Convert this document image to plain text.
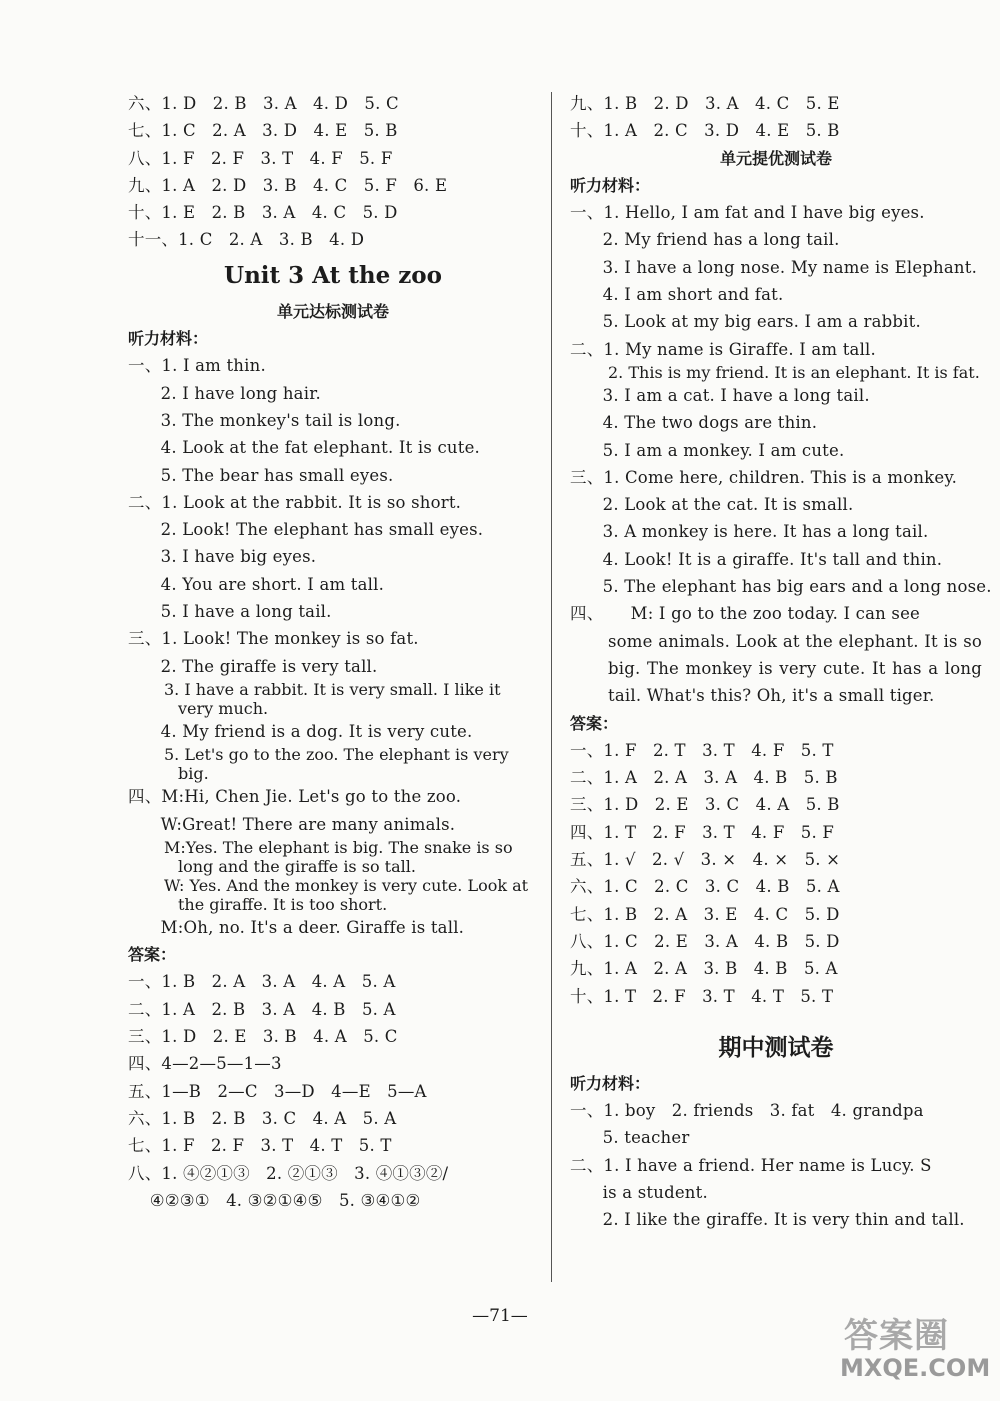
六、1. D   2. B   3. A   4. D   5. C
七、1. C   2. A   3. D   4. E   5. B
八、1. F   2. F   3. T   4. F   5. F
九、1. A   2. D   3. B   4. C   5. F   6. E
十、1. E   2. B   3. A   4. C   5. D
十一、1. C   2. A   3. B   4. D
Unit 3 At the zoo
单元达标测试卷
听力材料：
一、1. I am thin.
2. I have long hair.
3. The monkey's tail is long.
4. Look at the fat elephant. It is cute.
5. The bear has small eyes.
二、1. Look at the rabbit. It is so short.
2. Look! The elephant has small eyes.
3. I have big eyes.
4. You are short. I am tall.
5. I have a long tail.
三、1. Look! The monkey is so fat.
2. The giraffe is very tall.
3. I have a rabbit. It is very small. I like it very much.
4. My friend is a dog. It is very cute.
5. Let's go to the zoo. The elephant is very big.
四、M:Hi, Chen Jie. Let's go to the zoo.
W:Great! There are many animals.
M:Yes. The elephant is big. The snake is so long and the giraffe is so tall.
W: Yes. And the monkey is very cute. Look at the giraffe. It is too short.
M:Oh, no. It's a deer. Giraffe is tall.
答案：
一、1. B   2. A   3. A   4. A   5. A
二、1. A   2. B   3. A   4. B   5. A
三、1. D   2. E   3. B   4. A   5. C
四、4—2—5—1—3
五、1—B   2—C   3—D   4—E   5—A
六、1. B   2. B   3. C   4. A   5. A
七、1. F   2. F   3. T   4. T   5. T
八、1. ④②①③   2. ②①③   3. ④①③②/
④②③①   4. ③②①④⑤   5. ③④①②
九、1. B   2. D   3. A   4. C   5. E
十、1. A   2. C   3. D   4. E   5. B
单元提优测试卷
听力材料：
一、1. Hello, I am fat and I have big eyes.
2. My friend has a long tail.
3. I have a long nose. My name is Elephant.
4. I am short and fat.
5. Look at my big ears. I am a rabbit.
二、1. My name is Giraffe. I am tall.
2. This is my friend. It is an elephant. It is fat.
3. I am a cat. I have a long tail.
4. The two dogs are thin.
5. I am a monkey. I am cute.
三、1. Come here, children. This is a monkey.
2. Look at the cat. It is small.
3. A monkey is here. It has a long tail.
4. Look! It is a giraffe. It's tall and thin.
5. The elephant has big ears and a long nose.
四、     M: I go to the zoo today. I can see
some animals. Look at the elephant. It is so big. The monkey is very cute. It has a long tail. What's this? Oh, it's a small tiger.
答案：
一、1. F   2. T   3. T   4. F   5. T
二、1. A   2. A   3. A   4. B   5. B
三、1. D   2. E   3. C   4. A   5. B
四、1. T   2. F   3. T   4. F   5. F
五、1. √   2. √   3. ×   4. ×   5. ×
六、1. C   2. C   3. C   4. B   5. A
七、1. B   2. A   3. E   4. C   5. D
八、1. C   2. E   3. A   4. B   5. D
九、1. A   2. A   3. B   4. B   5. A
十、1. T   2. F   3. T   4. T   5. T
期中测试卷
听力材料：
一、1. boy   2. friends   3. fat   4. grandpa
5. teacher
二、1. I have a friend. Her name is Lucy. S
is a student.
2. I like the giraffe. It is very thin and tall.
—71—	答案圈
MXQE.COM
